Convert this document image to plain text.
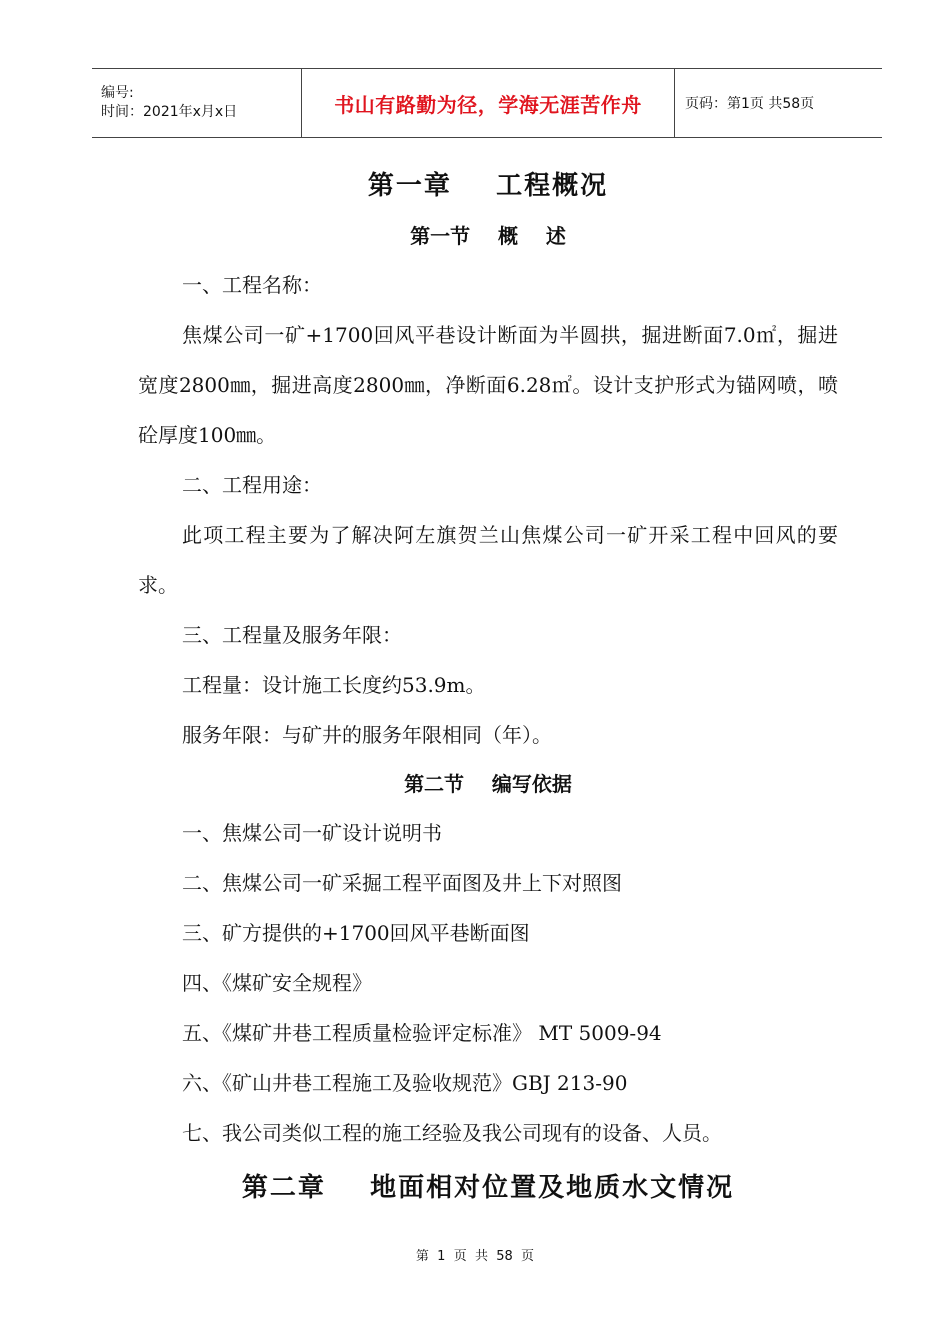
编号:
时间：2021年x月x日	书山有路勤为径，学海无涯苦作舟	页码：第1页 共58页
第一章    工程概况
第一节    概    述

一、工程名称：

焦煤公司一矿+1700回风平巷设计断面为半圆拱，掘进断面7.0㎡，掘进宽度2800㎜，掘进高度2800㎜，净断面6.28㎡。设计支护形式为锚网喷，喷砼厚度100㎜。

二、工程用途：

此项工程主要为了解决阿左旗贺兰山焦煤公司一矿开采工程中回风的要求。

三、工程量及服务年限：

工程量：设计施工长度约53.9m。

服务年限：与矿井的服务年限相同（年）。

第二节    编写依据

一、焦煤公司一矿设计说明书

二、焦煤公司一矿采掘工程平面图及井上下对照图

三、矿方提供的+1700回风平巷断面图

四、《煤矿安全规程》

五、《煤矿井巷工程质量检验评定标准》 MT 5009-94

六、《矿山井巷工程施工及验收规范》GBJ 213-90

七、我公司类似工程的施工经验及我公司现有的设备、人员。

第二章    地面相对位置及地质水文情况
第  1  页  共  58  页
